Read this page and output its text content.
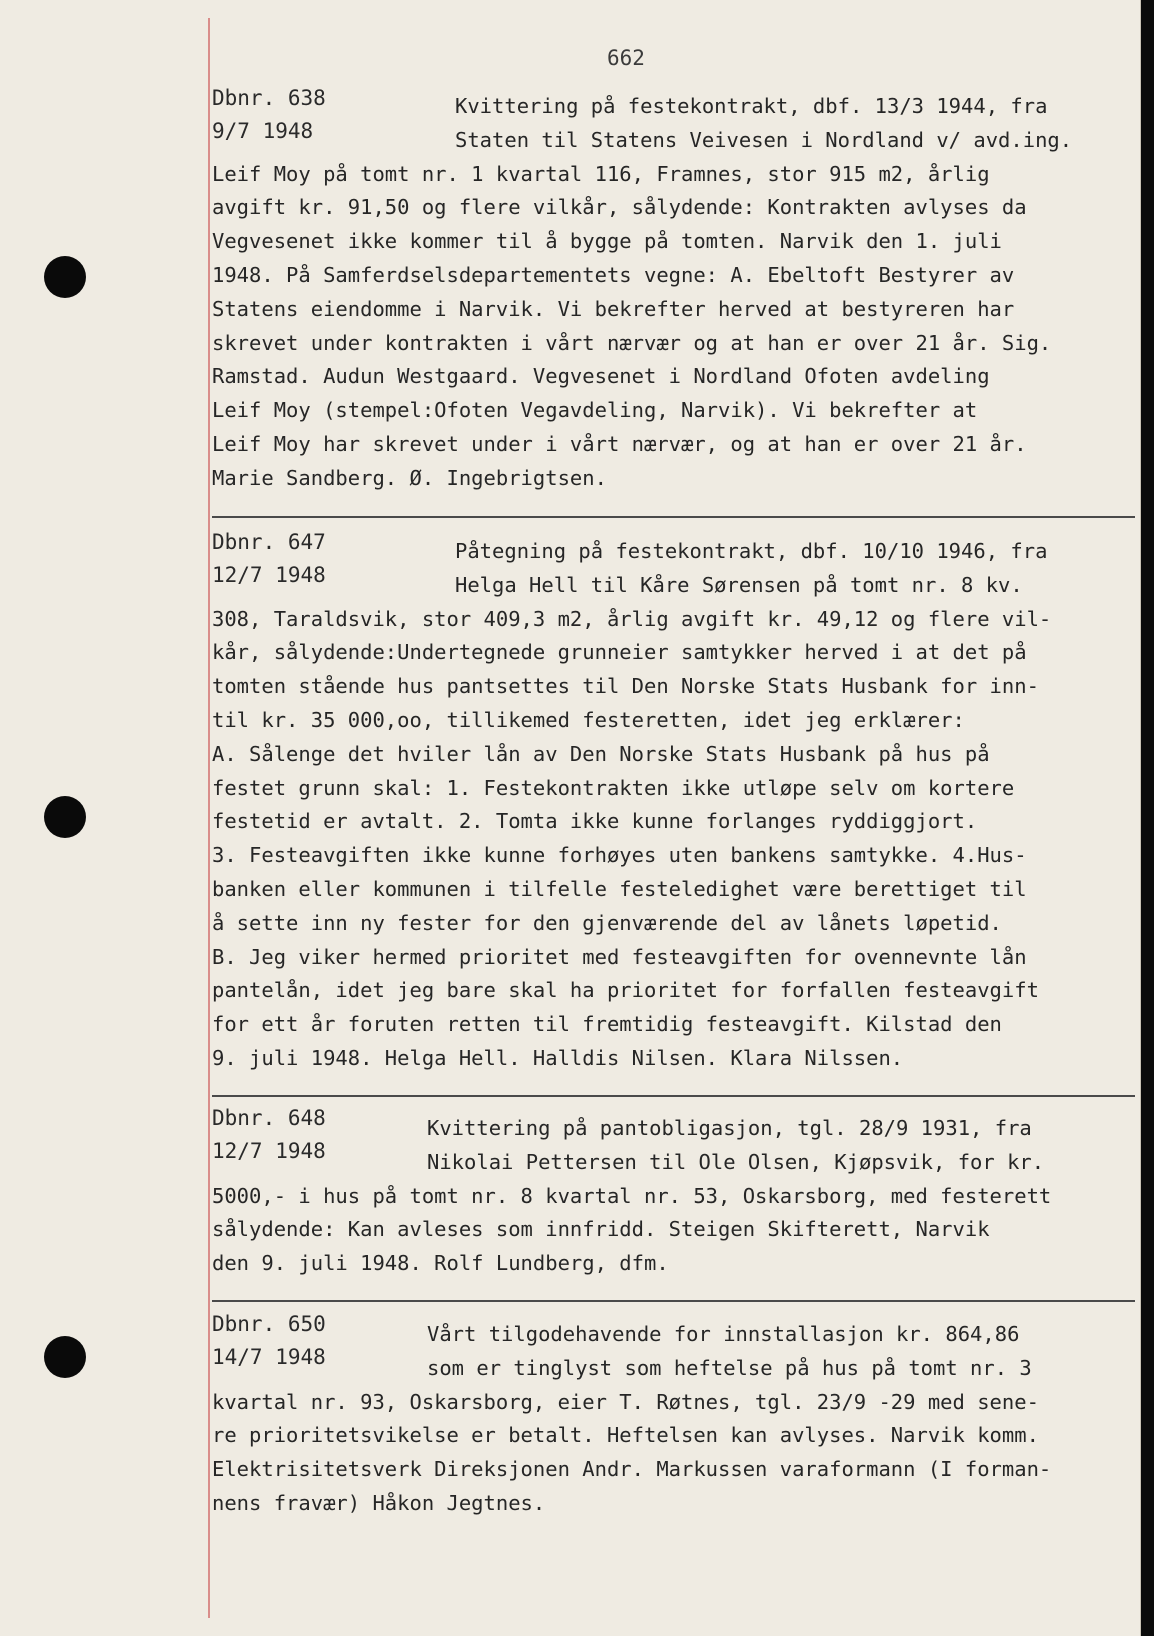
662
Dbnr. 638
9/7 1948
Kvittering på festekontrakt, dbf. 13/3 1944, fra
Staten til Statens Veivesen i Nordland v/ avd.ing.
Leif Moy på tomt nr. 1 kvartal 116, Framnes, stor 915 m2, årlig
avgift kr. 91,50 og flere vilkår, sålydende: Kontrakten avlyses da
Vegvesenet ikke kommer til å bygge på tomten. Narvik den 1. juli
1948. På Samferdselsdepartementets vegne: A. Ebeltoft Bestyrer av
Statens eiendomme i Narvik. Vi bekrefter herved at bestyreren har
skrevet under kontrakten i vårt nærvær og at han er over 21 år. Sig.
Ramstad. Audun Westgaard. Vegvesenet i Nordland Ofoten avdeling
Leif Moy (stempel:Ofoten Vegavdeling, Narvik). Vi bekrefter at
Leif Moy har skrevet under i vårt nærvær, og at han er over 21 år.
Marie Sandberg. Ø. Ingebrigtsen.
Dbnr. 647
12/7 1948
Påtegning på festekontrakt, dbf. 10/10 1946, fra
Helga Hell til Kåre Sørensen på tomt nr. 8 kv.
308, Taraldsvik, stor 409,3 m2, årlig avgift kr. 49,12 og flere vil-
kår, sålydende:Undertegnede grunneier samtykker herved i at det på
tomten stående hus pantsettes til Den Norske Stats Husbank for inn-
til kr. 35 000,oo, tillikemed festeretten, idet jeg erklærer:
A. Sålenge det hviler lån av Den Norske Stats Husbank på hus på
festet grunn skal: 1. Festekontrakten ikke utløpe selv om kortere
festetid er avtalt. 2. Tomta ikke kunne forlanges ryddiggjort.
3. Festeavgiften ikke kunne forhøyes uten bankens samtykke. 4.Hus-
banken eller kommunen i tilfelle festeledighet være berettiget til
å sette inn ny fester for den gjenværende del av lånets løpetid.
B. Jeg viker hermed prioritet med festeavgiften for ovennevnte lån
pantelån, idet jeg bare skal ha prioritet for forfallen festeavgift
for ett år foruten retten til fremtidig festeavgift. Kilstad den
9. juli 1948. Helga Hell. Halldis Nilsen. Klara Nilssen.
Dbnr. 648
12/7 1948
Kvittering på pantobligasjon, tgl. 28/9 1931, fra
Nikolai Pettersen til Ole Olsen, Kjøpsvik, for kr.
5000,- i hus på tomt nr. 8 kvartal nr. 53, Oskarsborg, med festerett
sålydende: Kan avleses som innfridd. Steigen Skifterett, Narvik
den 9. juli 1948. Rolf Lundberg, dfm.
Dbnr. 650
14/7 1948
Vårt tilgodehavende for innstallasjon kr. 864,86
som er tinglyst som heftelse på hus på tomt nr. 3
kvartal nr. 93, Oskarsborg, eier T. Røtnes, tgl. 23/9 -29 med sene-
re prioritetsvikelse er betalt. Heftelsen kan avlyses. Narvik komm.
Elektrisitetsverk Direksjonen Andr. Markussen varaformann (I forman-
nens fravær) Håkon Jegtnes.
